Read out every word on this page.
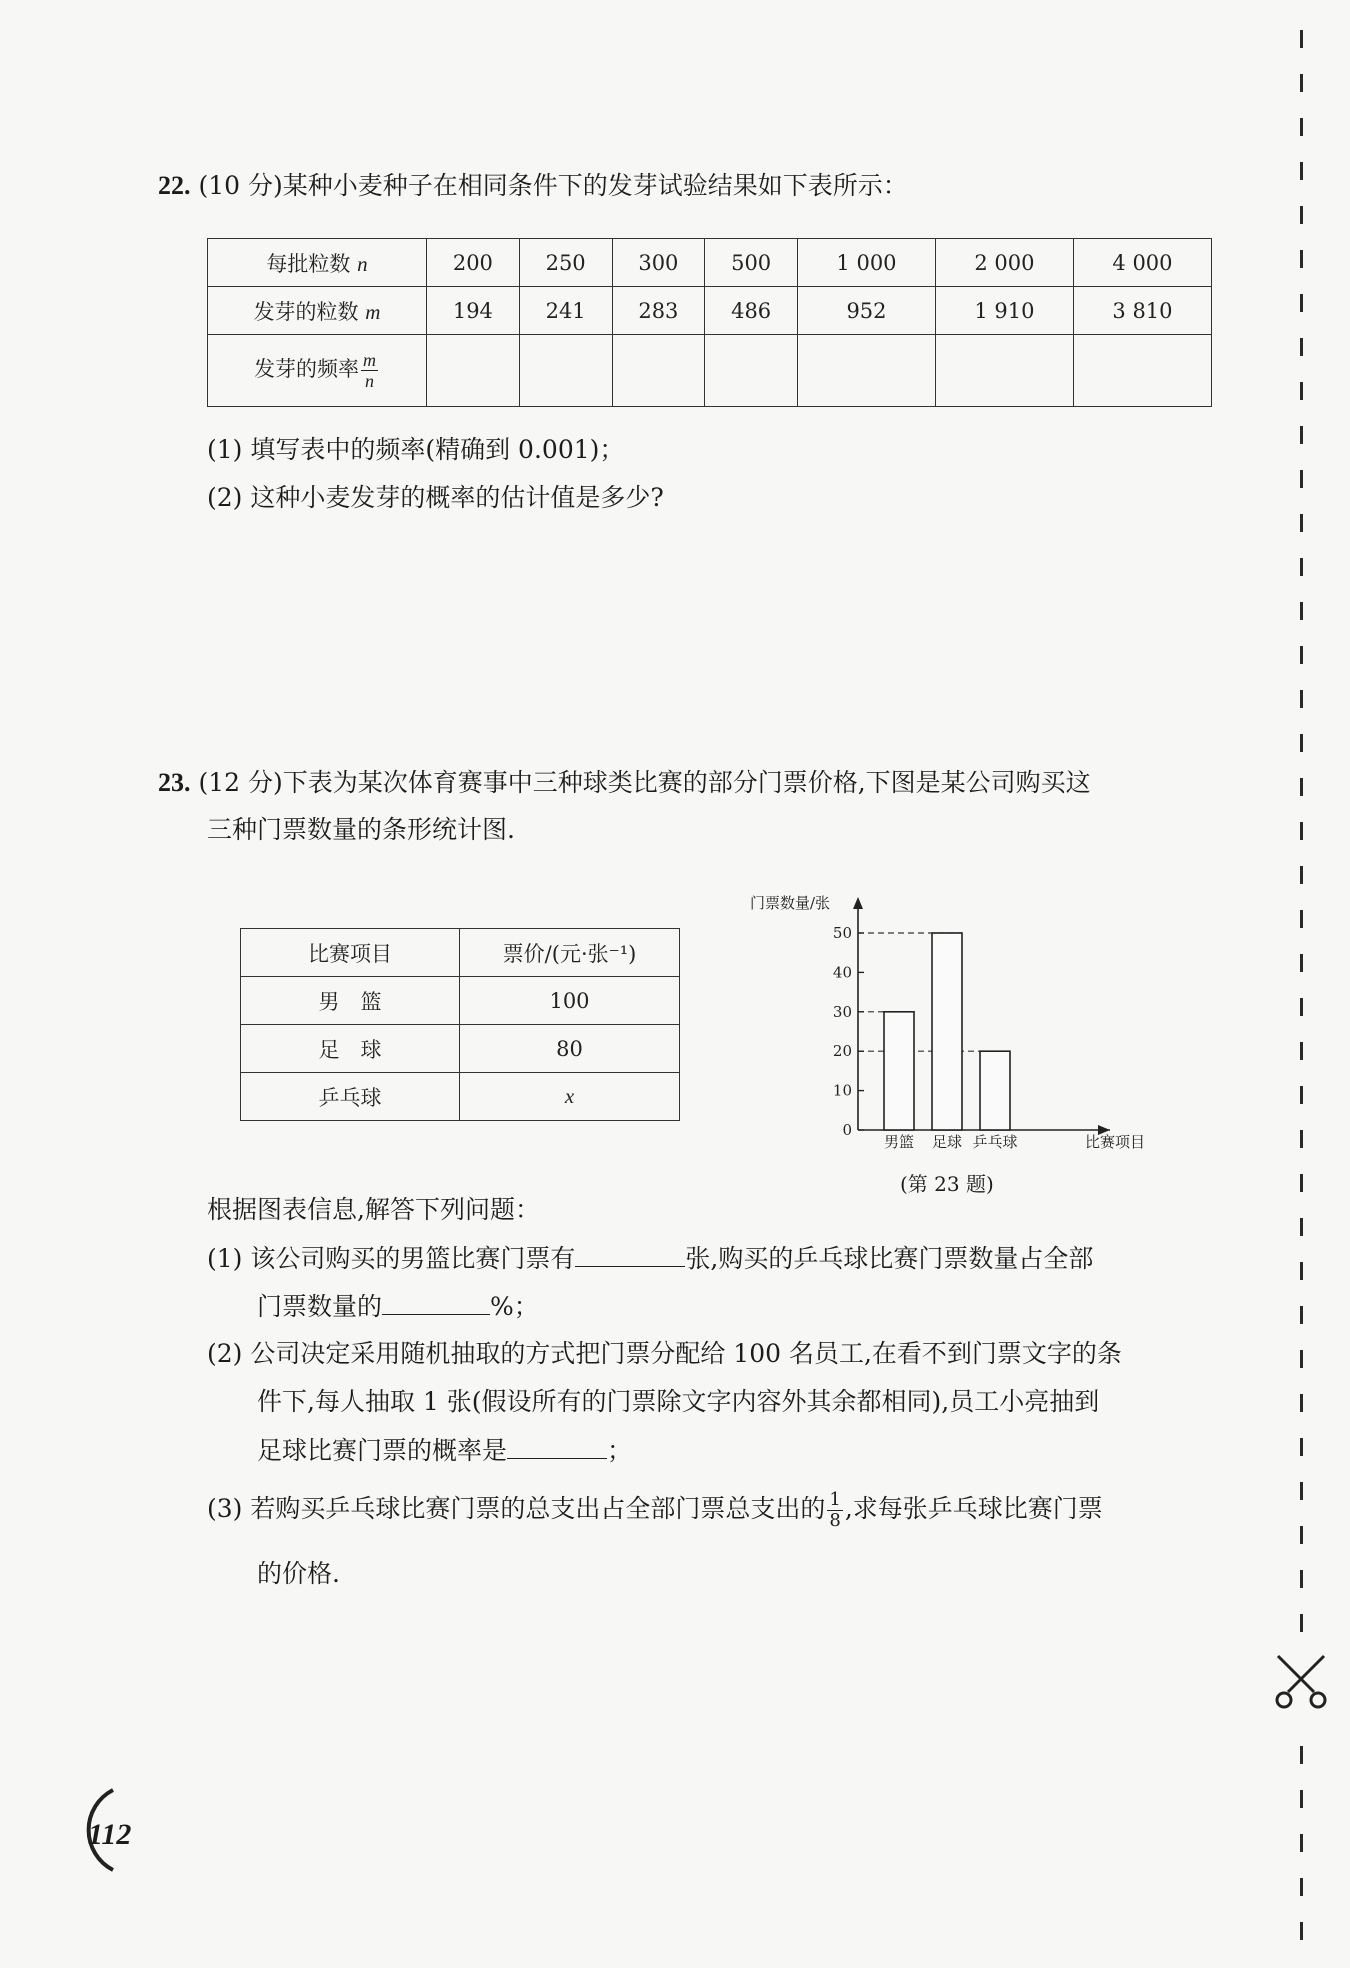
22. (10 分)某种小麦种子在相同条件下的发芽试验结果如下表所示：
每批粒数 n	200	250	300	500	1 000	2 000	4 000
发芽的粒数 m	194	241	283	486	952	1 910	3 810
发芽的频率 $\frac{m}{n}$

(1) 填写表中的频率(精确到 0.001)；
(2) 这种小麦发芽的概率的估计值是多少?
23. (12 分)下表为某次体育赛事中三种球类比赛的部分门票价格,下图是某公司购买这
三种门票数量的条形统计图.
比赛项目	票价/(元·张⁻¹)
男　篮	100
足　球	80
乒乓球	x
0
10
20
30
40
50
男篮 足球 乒乓球
门票数量/张
比赛项目
(第 23 题)
根据图表信息,解答下列问题：
(1) 该公司购买的男篮比赛门票有	张,购买的乒乓球比赛门票数量占全部
门票数量的	%；
(2) 公司决定采用随机抽取的方式把门票分配给 100 名员工,在看不到门票文字的条
件下,每人抽取 1 张(假设所有的门票除文字内容外其余都相同),员工小亮抽到
足球比赛门票的概率是	；
(3) 若购买乒乓球比赛门票的总支出占全部门票总支出的 $\frac{1}{8}$ ,求每张乒乓球比赛门票
的价格.
112
